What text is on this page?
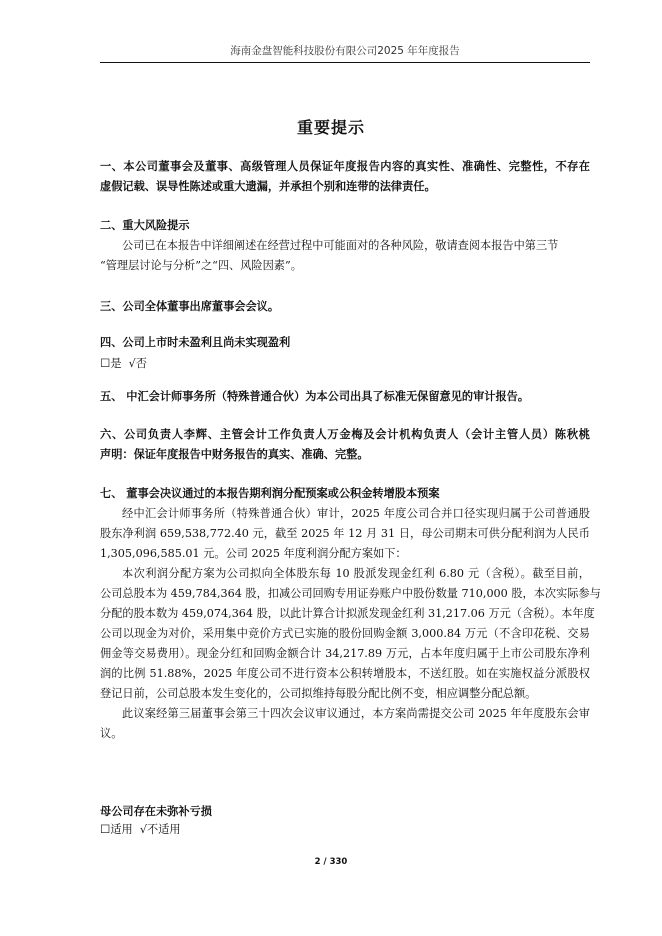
海南金盘智能科技股份有限公司2025 年年度报告
重要提示
一、本公司董事会及董事、高级管理人员保证年度报告内容的真实性、准确性、完整性，不存在
虚假记载、误导性陈述或重大遗漏，并承担个别和连带的法律责任。
二、重大风险提示
公司已在本报告中详细阐述在经营过程中可能面对的各种风险，敬请查阅本报告中第三节
“管理层讨论与分析”之“四、风险因素”。
三、公司全体董事出席董事会会议。
四、公司上市时未盈利且尚未实现盈利
☐是 √否
五、 中汇会计师事务所（特殊普通合伙）为本公司出具了标准无保留意见的审计报告。
六、公司负责人李辉、主管会计工作负责人万金梅及会计机构负责人（会计主管人员）陈秋桃
声明：保证年度报告中财务报告的真实、准确、完整。
七、 董事会决议通过的本报告期利润分配预案或公积金转增股本预案
经中汇会计师事务所（特殊普通合伙）审计，2025 年度公司合并口径实现归属于公司普通股
股东净利润 659,538,772.40 元，截至 2025 年 12 月 31 日，母公司期末可供分配利润为人民币
1,305,096,585.01 元。公司 2025 年度利润分配方案如下：
本次利润分配方案为公司拟向全体股东每 10 股派发现金红利 6.80 元（含税）。截至目前，
公司总股本为 459,784,364 股，扣减公司回购专用证券账户中股份数量 710,000 股，本次实际参与
分配的股本数为 459,074,364 股，以此计算合计拟派发现金红利 31,217.06 万元（含税）。本年度
公司以现金为对价，采用集中竞价方式已实施的股份回购金额 3,000.84 万元（不含印花税、交易
佣金等交易费用）。现金分红和回购金额合计 34,217.89 万元，占本年度归属于上市公司股东净利
润的比例 51.88%，2025 年度公司不进行资本公积转增股本，不送红股。如在实施权益分派股权
登记日前，公司总股本发生变化的，公司拟维持每股分配比例不变，相应调整分配总额。
此议案经第三届董事会第三十四次会议审议通过，本方案尚需提交公司 2025 年年度股东会审
议。
母公司存在未弥补亏损
☐适用 √不适用
2 / 330
